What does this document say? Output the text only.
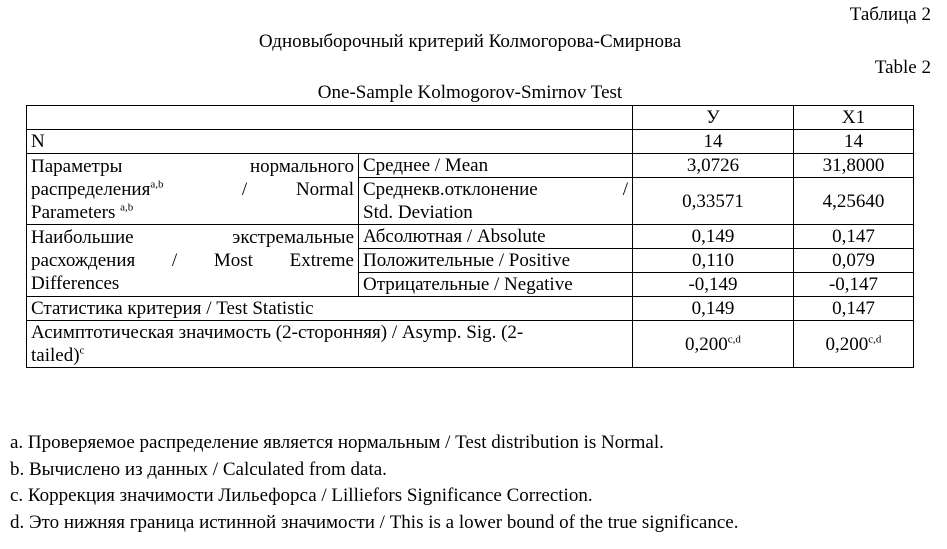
Таблица 2
Одновыборочный критерий Колмогорова-Смирнова
Table 2
One-Sample Kolmogorov-Smirnov Test
		У	X1
N		14	14

Параметры нормального
распределения$^{a,b}$ / Normal
Parameters $^{a,b}$	Среднее / Mean	3,0726	31,8000

	Среднекв.отклонение /
Std. Deviation	0,33571	4,25640

Наибольшие экстремальные
расхождения / Most Extreme
Differences	Абсолютная / Absolute	0,149	0,147
	Положительные / Positive	0,110	0,079
	Отрицательные / Negative	-0,149	-0,147
Статистика критерия / Test Statistic		0,149	0,147

Асимптотическая значимость (2-сторонняя) / Asymp. Sig. (2-
tailed)$^c$		0,200$^{c,d}$	0,200$^{c,d}$
a. Проверяемое распределение является нормальным / Test distribution is Normal.
b. Вычислено из данных / Calculated from data.
c. Коррекция значимости Лильефорса / Lilliefors Significance Correction.
d. Это нижняя граница истинной значимости / This is a lower bound of the true significance.
